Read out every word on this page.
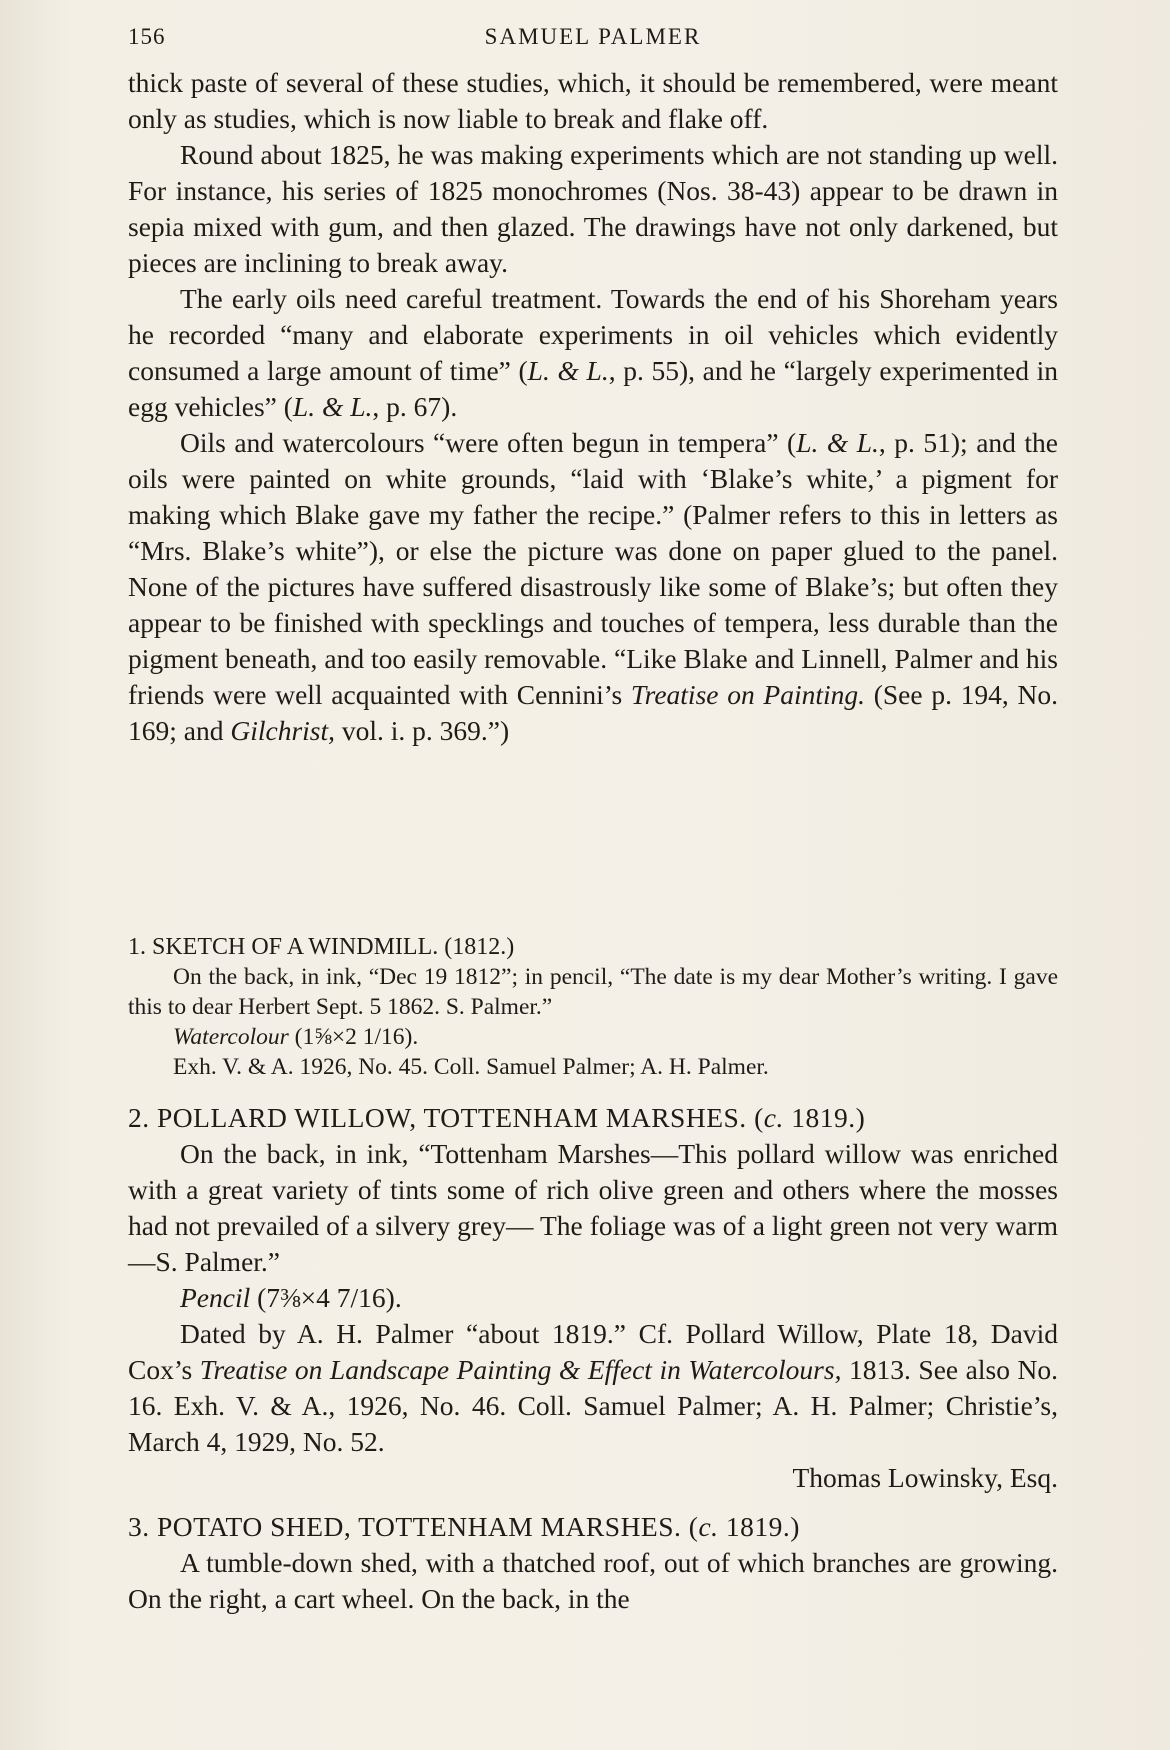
156	SAMUEL PALMER

thick paste of several of these studies, which, it should be remembered, were meant only as studies, which is now liable to break and flake off.

Round about 1825, he was making experiments which are not standing up well. For instance, his series of 1825 monochromes (Nos. 38-43) appear to be drawn in sepia mixed with gum, and then glazed. The drawings have not only darkened, but pieces are inclining to break away.

The early oils need careful treatment. Towards the end of his Shoreham years he recorded “many and elaborate experiments in oil vehicles which evidently consumed a large amount of time” (L. & L., p. 55), and he “largely experimented in egg vehicles” (L. & L., p. 67).

Oils and watercolours “were often begun in tempera” (L. & L., p. 51); and the oils were painted on white grounds, “laid with ‘Blake’s white,’ a pigment for making which Blake gave my father the recipe.” (Palmer refers to this in letters as “Mrs. Blake’s white”), or else the picture was done on paper glued to the panel. None of the pictures have suffered disastrously like some of Blake’s; but often they appear to be finished with specklings and touches of tempera, less durable than the pigment beneath, and too easily removable. “Like Blake and Linnell, Palmer and his friends were well acquainted with Cennini’s Treatise on Painting. (See p. 194, No. 169; and Gilchrist, vol. i. p. 369.”)

1. SKETCH OF A WINDMILL. (1812.)

On the back, in ink, “Dec 19 1812”; in pencil, “The date is my dear Mother’s writing. I gave this to dear Herbert Sept. 5 1862. S. Palmer.”

Watercolour (1⅝×2 1/16).
Exh. V. & A. 1926, No. 45. Coll. Samuel Palmer; A. H. Palmer.
2. POLLARD WILLOW, TOTTENHAM MARSHES. (c. 1819.)

On the back, in ink, “Tottenham Marshes—This pollard willow was enriched with a great variety of tints some of rich olive green and others where the mosses had not prevailed of a silvery grey— The foliage was of a light green not very warm—S. Palmer.”

Pencil (7⅜×4 7/16).

Dated by A. H. Palmer “about 1819.” Cf. Pollard Willow, Plate 18, David Cox’s Treatise on Landscape Painting & Effect in Watercolours, 1813. See also No. 16. Exh. V. & A., 1926, No. 46. Coll. Samuel Palmer; A. H. Palmer; Christie’s, March 4, 1929, No. 52.

Thomas Lowinsky, Esq.
3. POTATO SHED, TOTTENHAM MARSHES. (c. 1819.)

A tumble-down shed, with a thatched roof, out of which branches are growing. On the right, a cart wheel. On the back, in the
